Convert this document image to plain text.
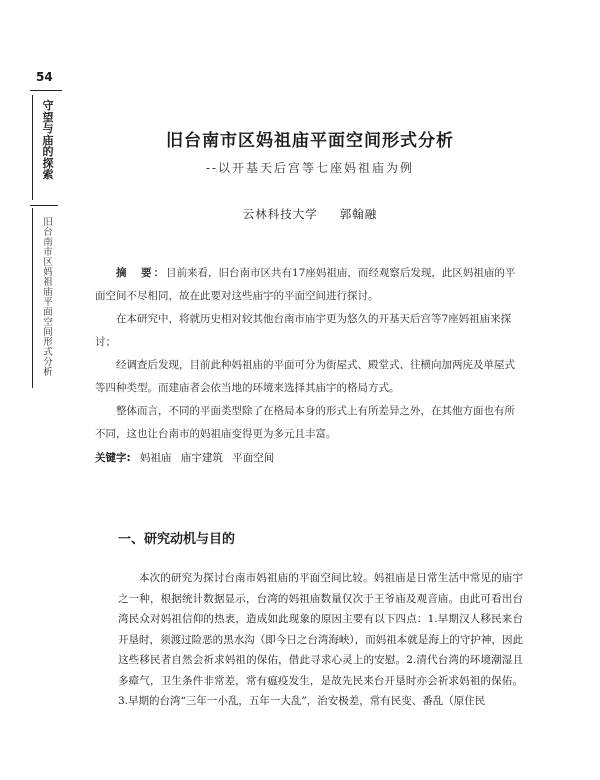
54
守
望
与
庙
的
探
索
旧
台
南
市
区
妈
祖
庙
平
面
空
间
形
式
分
析
旧台南市区妈祖庙平面空间形式分析
--以开基天后宫等七座妈祖庙为例
云林科技大学 郭翰融

摘　要：目前来看，旧台南市区共有17座妈祖庙，而经观察后发现，此区妈祖庙的平面空间不尽相同，故在此要对这些庙宇的平面空间进行探讨。

在本研究中，将就历史相对较其他台南市庙宇更为悠久的开基天后宫等7座妈祖庙来探讨；

经调查后发现，目前此种妈祖庙的平面可分为街屋式、殿堂式、往横向加两庑及单屋式等四种类型。而建庙者会依当地的环境来选择其庙宇的格局方式。

整体而言，不同的平面类型除了在格局本身的形式上有所差异之外，在其他方面也有所不同，这也让台南市的妈祖庙变得更为多元且丰富。

关键字: 妈祖庙 庙宇建筑 平面空间
一、研究动机与目的

本次的研究为探讨台南市妈祖庙的平面空间比较。妈祖庙是日常生活中常见的庙宇之一种，根据统计数据显示，台湾的妈祖庙数量仅次于王爷庙及观音庙。由此可看出台湾民众对妈祖信仰的热衷，造成如此现象的原因主要有以下四点：1.早期汉人移民来台开垦时，须渡过险恶的黑水沟（即今日之台湾海峡），而妈祖本就是海上的守护神，因此这些移民者自然会祈求妈祖的保佑，借此寻求心灵上的安慰。2.清代台湾的环境潮湿且多瘴气，卫生条件非常差，常有瘟疫发生，是故先民来台开垦时亦会祈求妈祖的保佑。3.早期的台湾“三年一小乱，五年一大乱”，治安极差，常有民变、番乱（原住民
